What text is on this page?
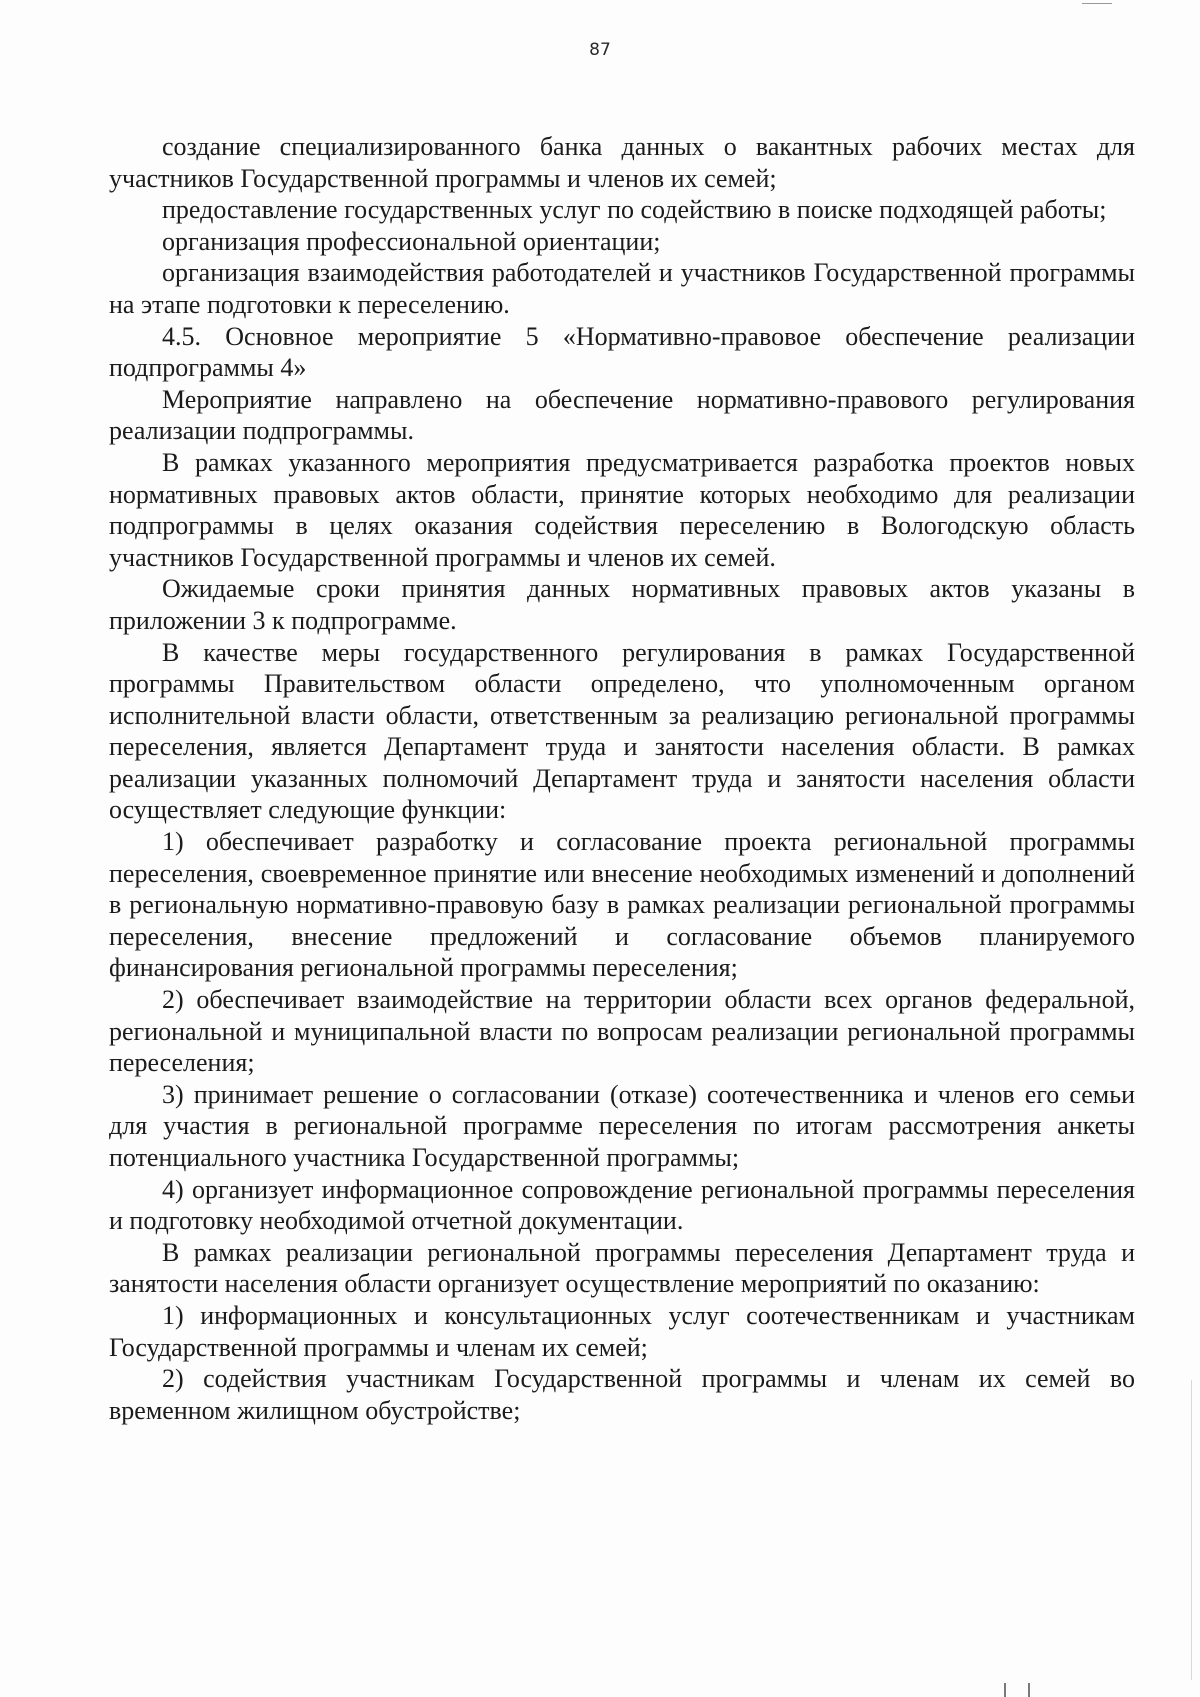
87

создание специализированного банка данных о вакантных рабочих местах для участников Государственной программы и членов их семей;

предоставление государственных услуг по содействию в поиске подходящей работы;

организация профессиональной ориентации;

организация взаимодействия работодателей и участников Государственной программы на этапе подготовки к переселению.

4.5. Основное мероприятие 5 «Нормативно-правовое обеспечение реализации подпрограммы 4»

Мероприятие направлено на обеспечение нормативно-правового регулирования реализации подпрограммы.

В рамках указанного мероприятия предусматривается разработка проектов новых нормативных правовых актов области, принятие которых необходимо для реализации подпрограммы в целях оказания содействия переселению в Вологодскую область участников Государственной программы и членов их семей.

Ожидаемые сроки принятия данных нормативных правовых актов указаны в приложении 3 к подпрограмме.

В качестве меры государственного регулирования в рамках Государственной программы Правительством области определено, что уполномоченным органом исполнительной власти области, ответственным за реализацию региональной программы переселения, является Департамент труда и занятости населения области. В рамках реализации указанных полномочий Департамент труда и занятости населения области осуществляет следующие функции:

1) обеспечивает разработку и согласование проекта региональной программы переселения, своевременное принятие или внесение необходимых изменений и дополнений в региональную нормативно-правовую базу в рамках реализации региональной программы переселения, внесение предложений и согласование объемов планируемого финансирования региональной программы переселения;

2) обеспечивает взаимодействие на территории области всех органов федеральной, региональной и муниципальной власти по вопросам реализации региональной программы переселения;

3) принимает решение о согласовании (отказе) соотечественника и членов его семьи для участия в региональной программе переселения по итогам рассмотрения анкеты потенциального участника Государственной программы;

4) организует информационное сопровождение региональной программы переселения и подготовку необходимой отчетной документации.

В рамках реализации региональной программы переселения Департамент труда и занятости населения области организует осуществление мероприятий по оказанию:

1) информационных и консультационных услуг соотечественникам и участникам Государственной программы и членам их семей;

2) содействия участникам Государственной программы и членам их семей во временном жилищном обустройстве;
